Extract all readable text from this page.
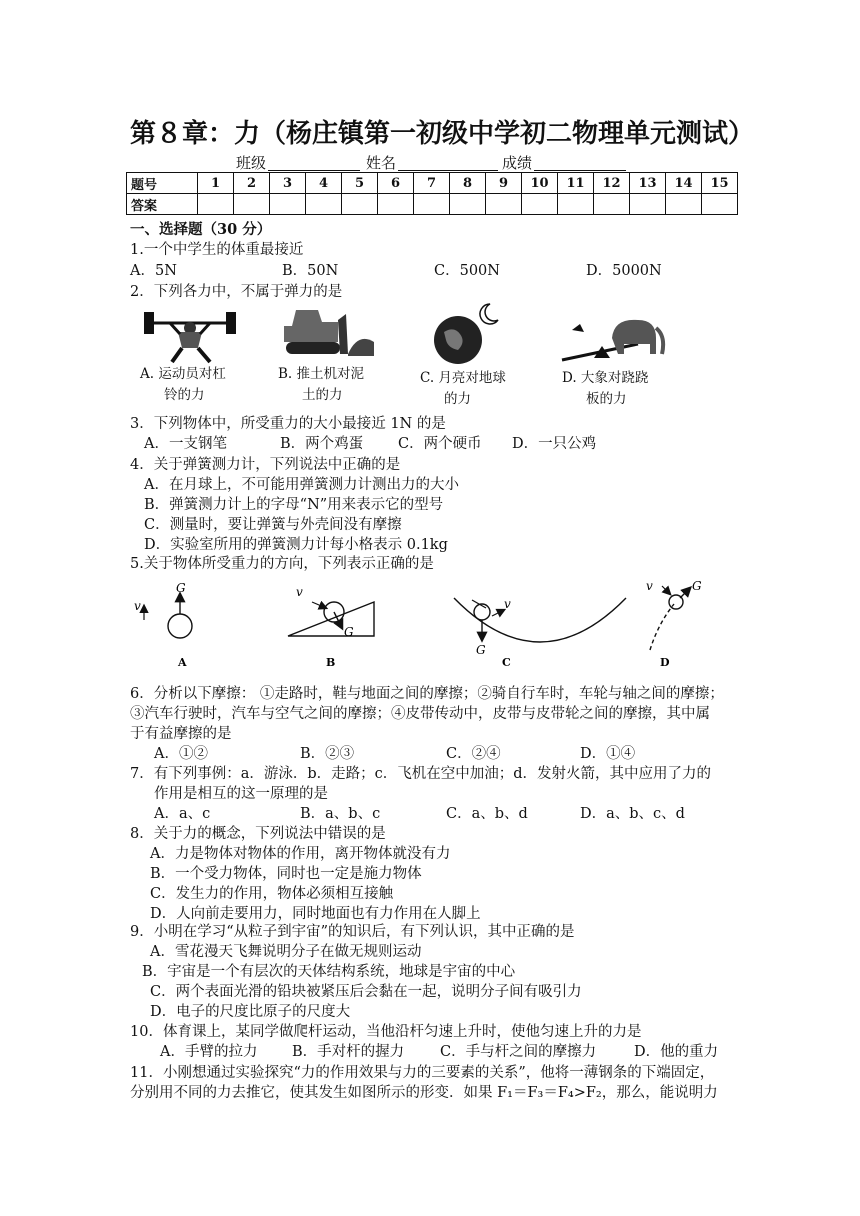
第８章：力（杨庄镇第一初级中学初二物理单元测试）
班级	姓名	成绩
题号	1	2	3	4	5	6	7	8	9	10	11	12	13	14	15
答案															
一、选择题（30 分）
1.一个中学生的体重最接近
A．5N	B．50N	C．500N	D．5000N
2．下列各力中，不属于弹力的是
A. 运动员对杠
铃的力
B. 推土机对泥
土的力
C. 月亮对地球
的力
D. 大象对跷跷
板的力
3．下列物体中，所受重力的大小最接近 1N 的是
A．一支钢笔	B．两个鸡蛋 C．两个硬币 D．一只公鸡
4．关于弹簧测力计，下列说法中正确的是
A．在月球上，不可能用弹簧测力计测出力的大小
B．弹簧测力计上的字母“N”用来表示它的型号
C．测量时，要让弹簧与外壳间没有摩擦
D．实验室所用的弹簧测力计每小格表示 0.1kg
5.关于物体所受重力的方向，下列表示正确的是
v
G
A
v
G
B
v
G
C
v	G
D
6．分析以下摩擦： ①走路时，鞋与地面之间的摩擦；②骑自行车时，车轮与轴之间的摩擦；
③汽车行驶时，汽车与空气之间的摩擦；④皮带传动中，皮带与皮带轮之间的摩擦，其中属
于有益摩擦的是
A．①②	B．②③	C．②④	D．①④
7．有下列事例：a．游泳．b．走路；c．飞机在空中加油；d．发射火箭，其中应用了力的
作用是相互的这一原理的是
A．a、c	B．a、b、c	C．a、b、d	D．a、b、c、d
8．关于力的概念，下列说法中错误的是
A．力是物体对物体的作用，离开物体就没有力
B．一个受力物体，同时也一定是施力物体
C．发生力的作用，物体必须相互接触
D．人向前走要用力，同时地面也有力作用在人脚上
9．小明在学习“从粒子到宇宙”的知识后，有下列认识，其中正确的是
A．雪花漫天飞舞说明分子在做无规则运动
B．宇宙是一个有层次的天体结构系统，地球是宇宙的中心
C．两个表面光滑的铅块被紧压后会黏在一起，说明分子间有吸引力
D．电子的尺度比原子的尺度大
10．体育课上，某同学做爬杆运动，当他沿杆匀速上升时，使他匀速上升的力是
A．手臂的拉力 B．手对杆的握力 C．手与杆之间的摩擦力	D．他的重力
11．小刚想通过实验探究“力的作用效果与力的三要素的关系”，他将一薄钢条的下端固定，
分别用不同的力去推它，使其发生如图所示的形变．如果 F₁＝F₃＝F₄>F₂，那么，能说明力
